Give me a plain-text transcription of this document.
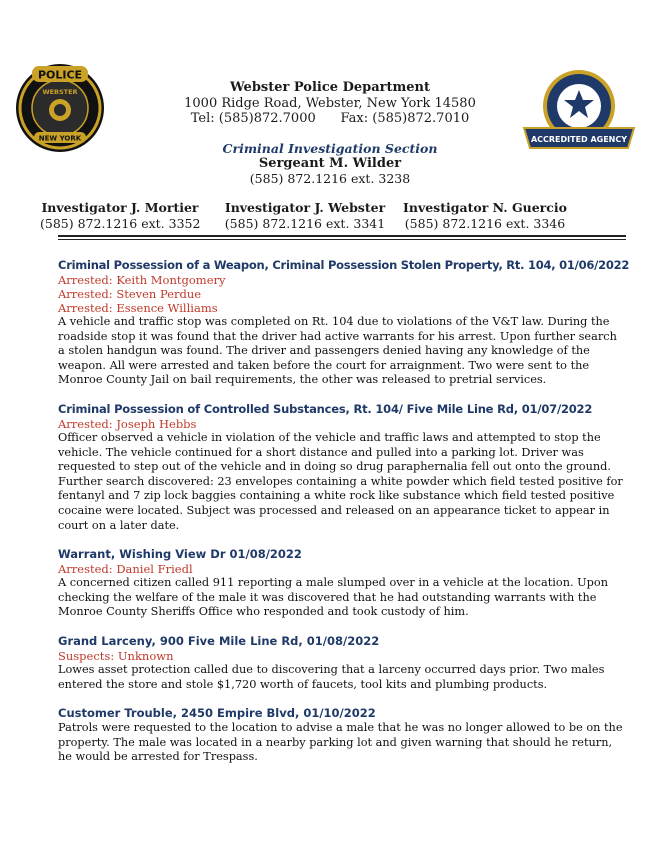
POLICE
WEBSTER
NEW YORK
Webster Police Department
1000 Ridge Road, Webster, New York 14580
Tel: (585)872.7000      Fax: (585)872.7010
Criminal Investigation Section
Sergeant M. Wilder
(585) 872.1216 ext. 3238
ACCREDITED AGENCY
Investigator J. Mortier
(585) 872.1216 ext. 3352
Investigator J. Webster
(585) 872.1216 ext. 3341
Investigator N. Guercio
(585) 872.1216 ext. 3346
Criminal Possession of a Weapon, Criminal Possession Stolen Property, Rt. 104, 01/06/2022
Arrested: Keith Montgomery
Arrested: Steven Perdue
Arrested: Essence Williams
A vehicle and traffic stop was completed on Rt. 104 due to violations of the V&T law. During the roadside stop it was found that the driver had active warrants for his arrest. Upon further search a stolen handgun was found. The driver and passengers denied having any knowledge of the weapon. All were arrested and taken before the court for arraignment. Two were sent to the Monroe County Jail on bail requirements, the other was released to pretrial services.
Criminal Possession of Controlled Substances, Rt. 104/ Five Mile Line Rd, 01/07/2022
Arrested: Joseph Hebbs
Officer observed a vehicle in violation of the vehicle and traffic laws and attempted to stop the vehicle. The vehicle continued for a short distance and pulled into a parking lot. Driver was requested to step out of the vehicle and in doing so drug paraphernalia fell out onto the ground. Further search discovered: 23 envelopes containing a white powder which field tested positive for fentanyl and 7 zip lock baggies containing a white rock like substance which field tested positive cocaine were located. Subject was processed and released on an appearance ticket to appear in court on a later date.
Warrant, Wishing View Dr 01/08/2022
Arrested: Daniel Friedl
A concerned citizen called 911 reporting a male slumped over in a vehicle at the location. Upon checking the welfare of the male it was discovered that he had outstanding warrants with the Monroe County Sheriffs Office who responded and took custody of him.
Grand Larceny, 900 Five Mile Line Rd, 01/08/2022
Suspects: Unknown
Lowes asset protection called due to discovering that a larceny occurred days prior. Two males entered the store and stole $1,720 worth of faucets, tool kits and plumbing products.
Customer Trouble, 2450 Empire Blvd, 01/10/2022
Patrols were requested to the location to advise a male that he was no longer allowed to be on the property. The male was located in a nearby parking lot and given warning that should he return, he would be arrested for Trespass.
